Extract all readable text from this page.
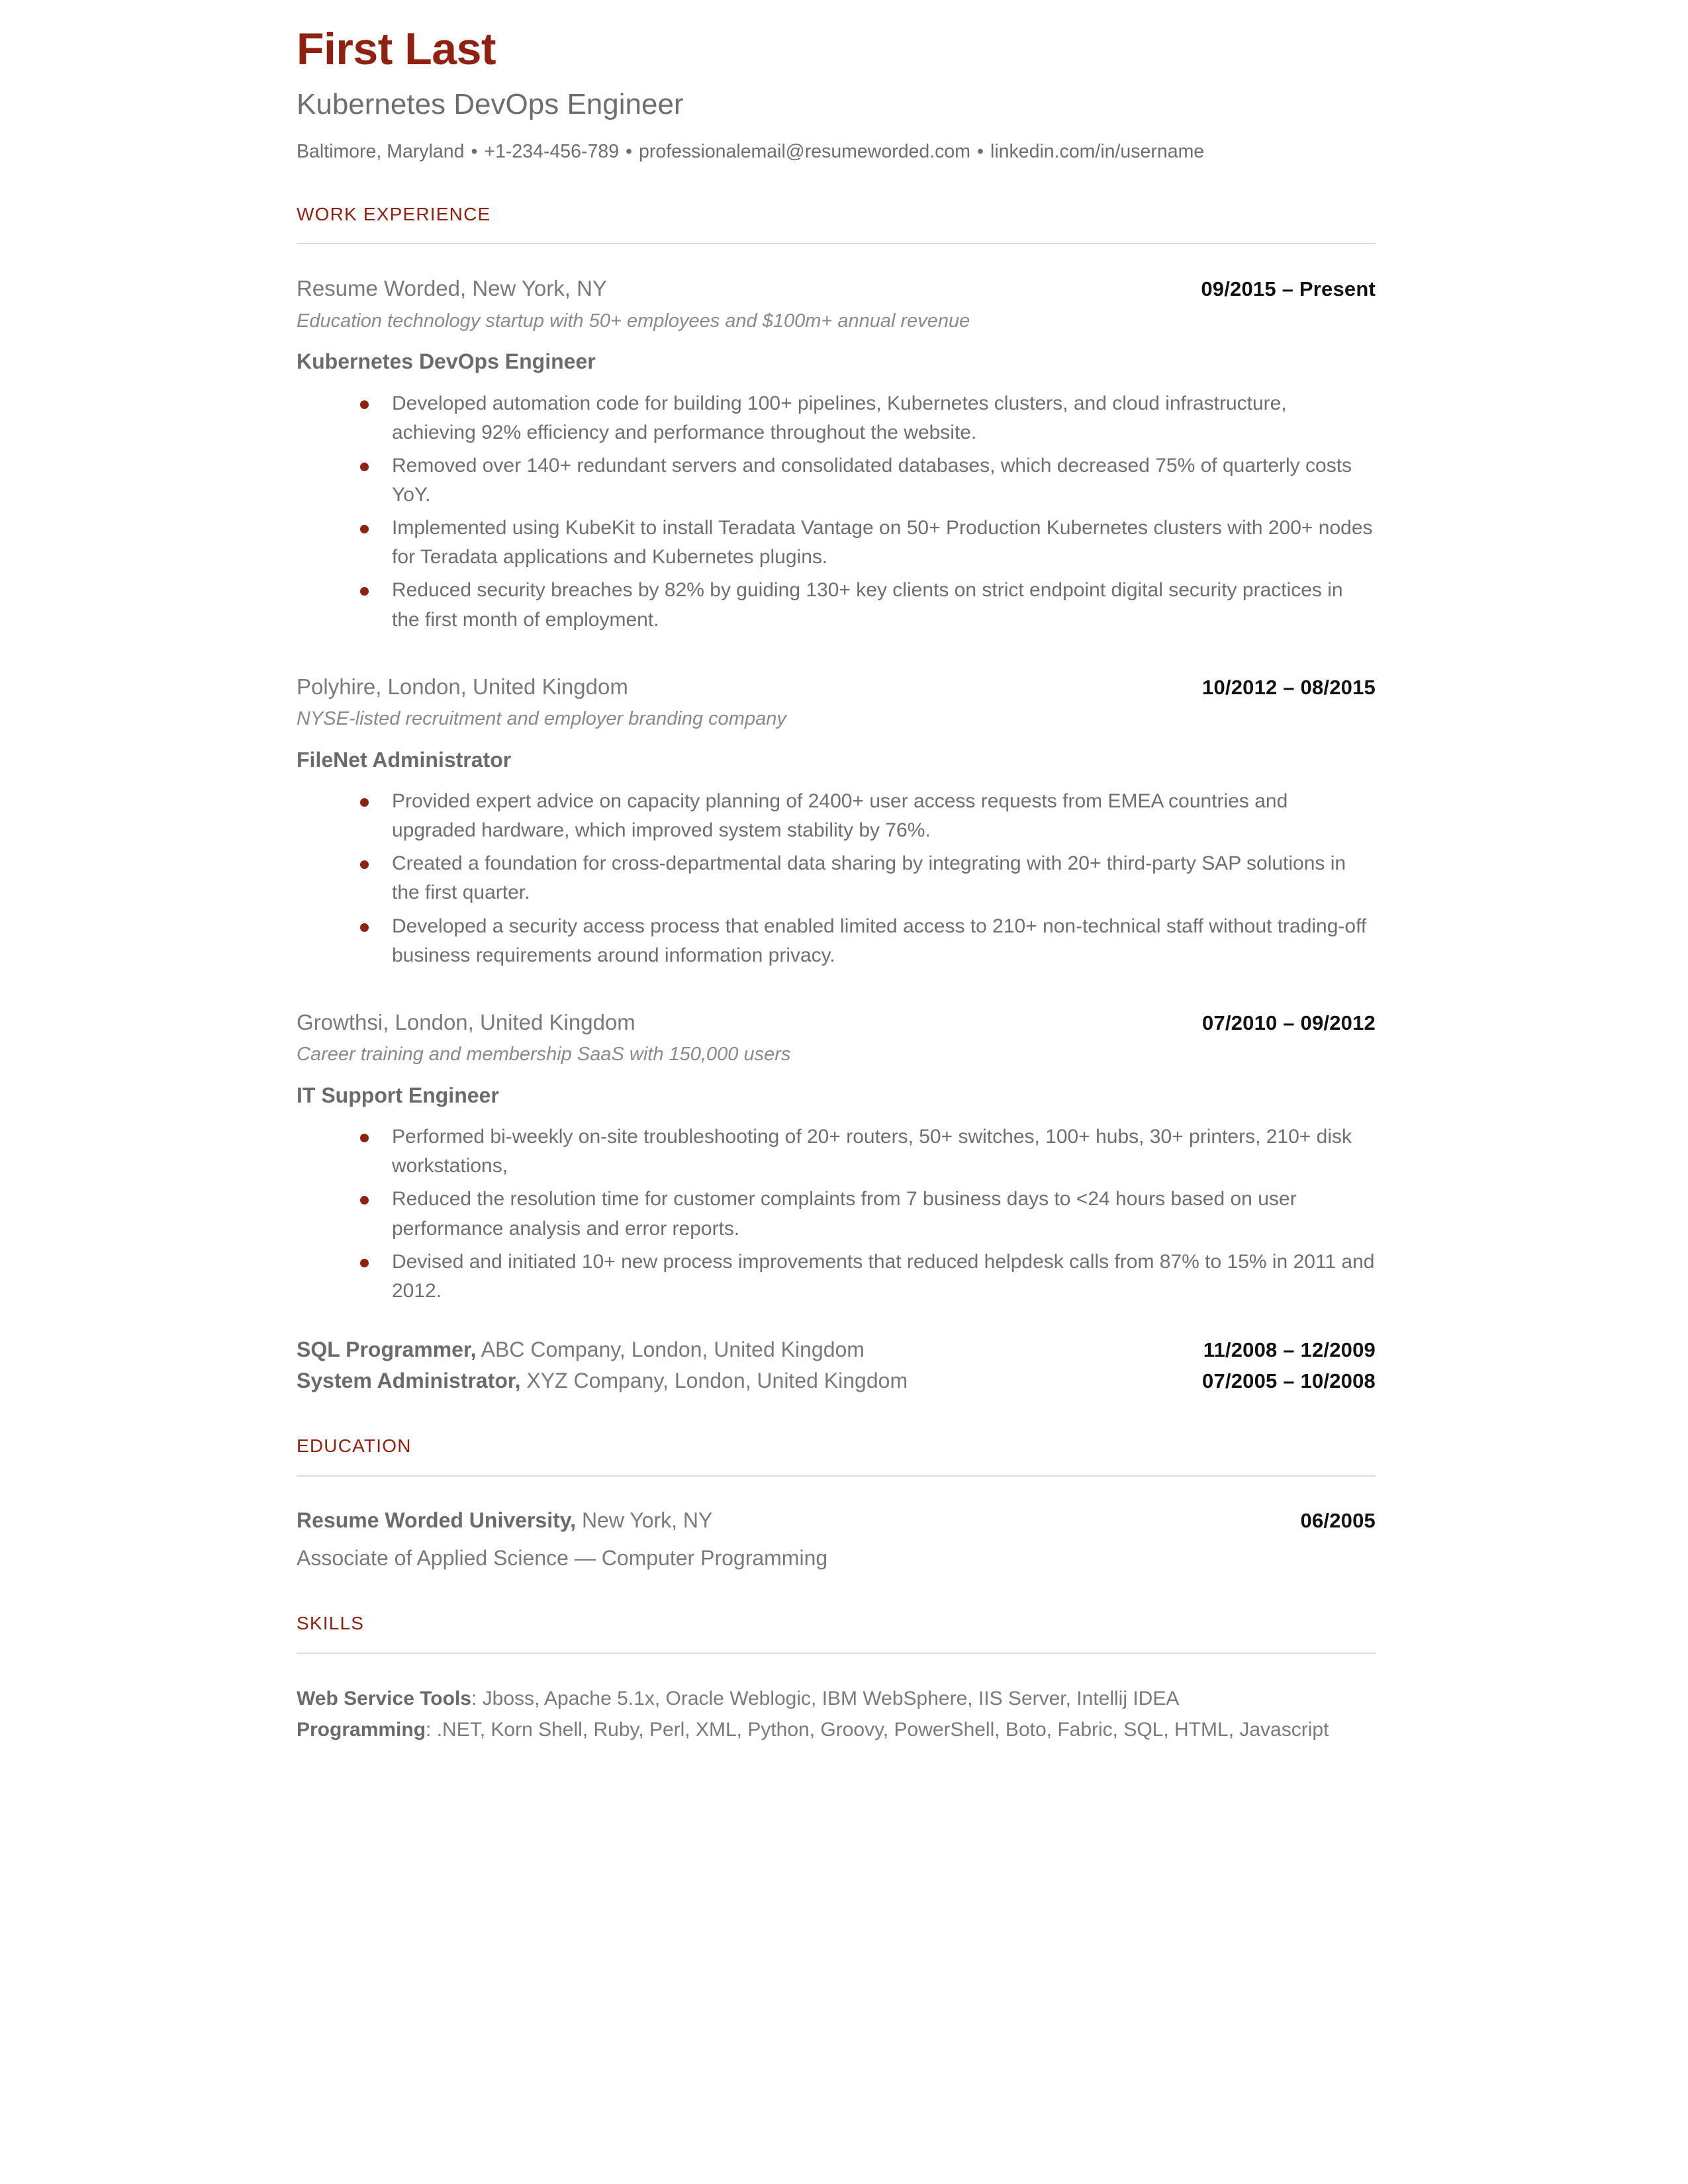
First Last
Kubernetes DevOps Engineer
Baltimore, Maryland • +1-234-456-789 • professionalemail@resumeworded.com • linkedin.com/in/username
WORK EXPERIENCE
Resume Worded, New York, NY	09/2015 – Present
Education technology startup with 50+ employees and $100m+ annual revenue
Kubernetes DevOps Engineer
Developed automation code for building 100+ pipelines, Kubernetes clusters, and cloud infrastructure, achieving 92% efficiency and performance throughout the website.
Removed over 140+ redundant servers and consolidated databases, which decreased 75% of quarterly costs YoY.
Implemented using KubeKit to install Teradata Vantage on 50+ Production Kubernetes clusters with 200+ nodes for Teradata applications and Kubernetes plugins.
Reduced security breaches by 82% by guiding 130+ key clients on strict endpoint digital security practices in the first month of employment.
Polyhire, London, United Kingdom	10/2012 – 08/2015
NYSE-listed recruitment and employer branding company
FileNet Administrator
Provided expert advice on capacity planning of 2400+ user access requests from EMEA countries and upgraded hardware, which improved system stability by 76%.
Created a foundation for cross-departmental data sharing by integrating with 20+ third-party SAP solutions in the first quarter.
Developed a security access process that enabled limited access to 210+ non-technical staff without trading-off business requirements around information privacy.
Growthsi, London, United Kingdom	07/2010 – 09/2012
Career training and membership SaaS with 150,000 users
IT Support Engineer
Performed bi-weekly on-site troubleshooting of 20+ routers, 50+ switches, 100+ hubs, 30+ printers, 210+ disk workstations,
Reduced the resolution time for customer complaints from 7 business days to <24 hours based on user performance analysis and error reports.
Devised and initiated 10+ new process improvements that reduced helpdesk calls from 87% to 15% in 2011 and 2012.
SQL Programmer, ABC Company, London, United Kingdom	11/2008 – 12/2009
System Administrator, XYZ Company, London, United Kingdom	07/2005 – 10/2008
EDUCATION
Resume Worded University, New York, NY	06/2005
Associate of Applied Science — Computer Programming
SKILLS
Web Service Tools: Jboss, Apache 5.1x, Oracle Weblogic, IBM WebSphere, IIS Server, Intellij IDEA
Programming: .NET, Korn Shell, Ruby, Perl, XML, Python, Groovy, PowerShell, Boto, Fabric, SQL, HTML, Javascript
